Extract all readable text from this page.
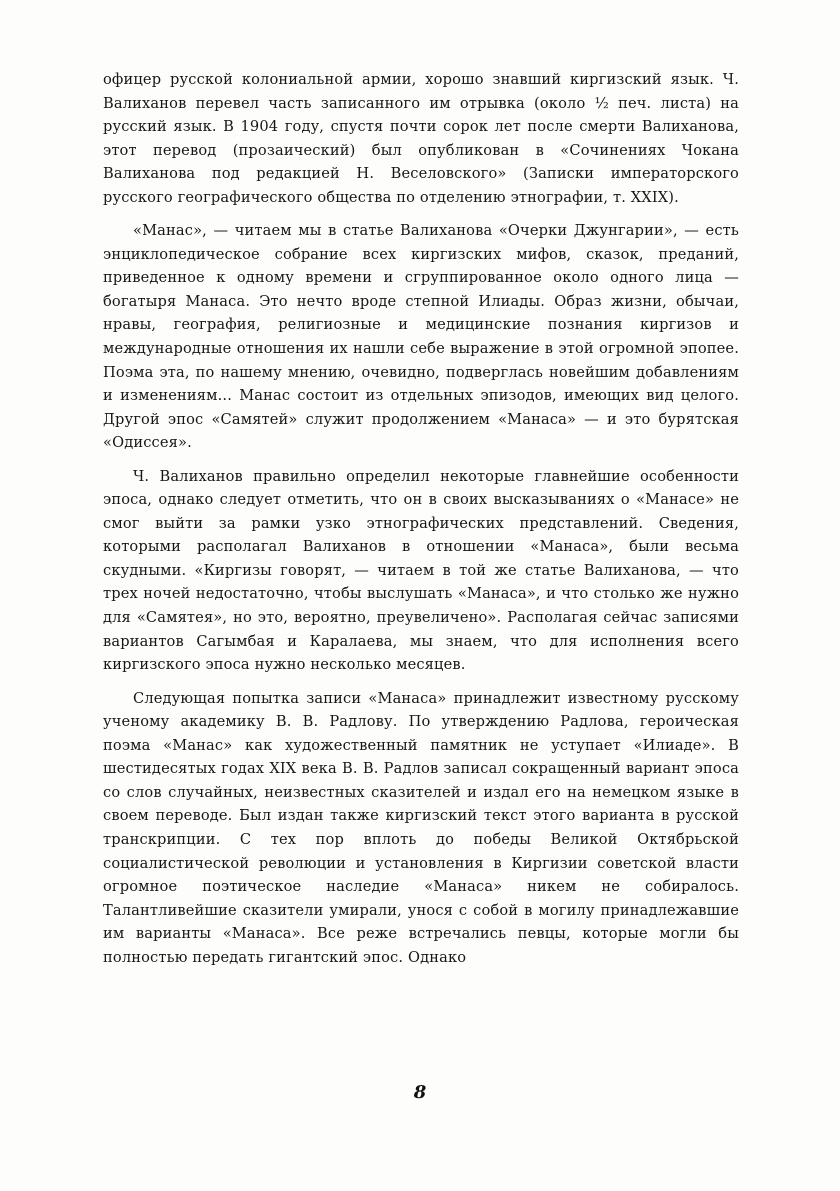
офицер русской колониальной армии, хорошо знавший киргизский язык. Ч. Валиханов перевел часть записанного им отрывка (около ½ печ. листа) на русский язык. В 1904 году, спустя почти сорок лет после смерти Валиханова, этот перевод (прозаический) был опубликован в «Сочинениях Чокана Валиханова под редакцией Н. Веселовского» (Записки императорского русского географического общества по отделению этнографии, т. XXIX).

«Манас», — читаем мы в статье Валиханова «Очерки Джунгарии», — есть энциклопедическое собрание всех киргизских мифов, сказок, преданий, приведенное к одному времени и сгруппированное около одного лица — богатыря Манаса. Это нечто вроде степной Илиады. Образ жизни, обычаи, нравы, география, религиозные и медицинские познания киргизов и международные отношения их нашли себе выражение в этой огромной эпопее. Поэма эта, по нашему мнению, очевидно, подверглась новейшим добавлениям и изменениям... Манас состоит из отдельных эпизодов, имеющих вид целого. Другой эпос «Самятей» служит продолжением «Манаса» — и это бурятская «Одиссея».

Ч. Валиханов правильно определил некоторые главнейшие особенности эпоса, однако следует отметить, что он в своих высказываниях о «Манасе» не смог выйти за рамки узко этнографических представлений. Сведения, которыми располагал Валиханов в отношении «Манаса», были весьма скудными. «Киргизы говорят, — читаем в той же статье Валиханова, — что трех ночей недостаточно, чтобы выслушать «Манаса», и что столько же нужно для «Самятея», но это, вероятно, преувеличено». Располагая сейчас записями вариантов Сагымбая и Каралаева, мы знаем, что для исполнения всего киргизского эпоса нужно несколько месяцев.

Следующая попытка записи «Манаса» принадлежит известному русскому ученому академику В. В. Радлову. По утверждению Радлова, героическая поэма «Манас» как художественный памятник не уступает «Илиаде». В шестидесятых годах XIX века В. В. Радлов записал сокращенный вариант эпоса со слов случайных, неизвестных сказителей и издал его на немецком языке в своем переводе. Был издан также киргизский текст этого варианта в русской транскрипции. С тех пор вплоть до победы Великой Октябрьской социалистической революции и установления в Киргизии советской власти огромное поэтическое наследие «Манаса» никем не собиралось. Талантливейшие сказители умирали, унося с собой в могилу принадлежавшие им варианты «Манаса». Все реже встречались певцы, которые могли бы полностью передать гигантский эпос. Однако

8
